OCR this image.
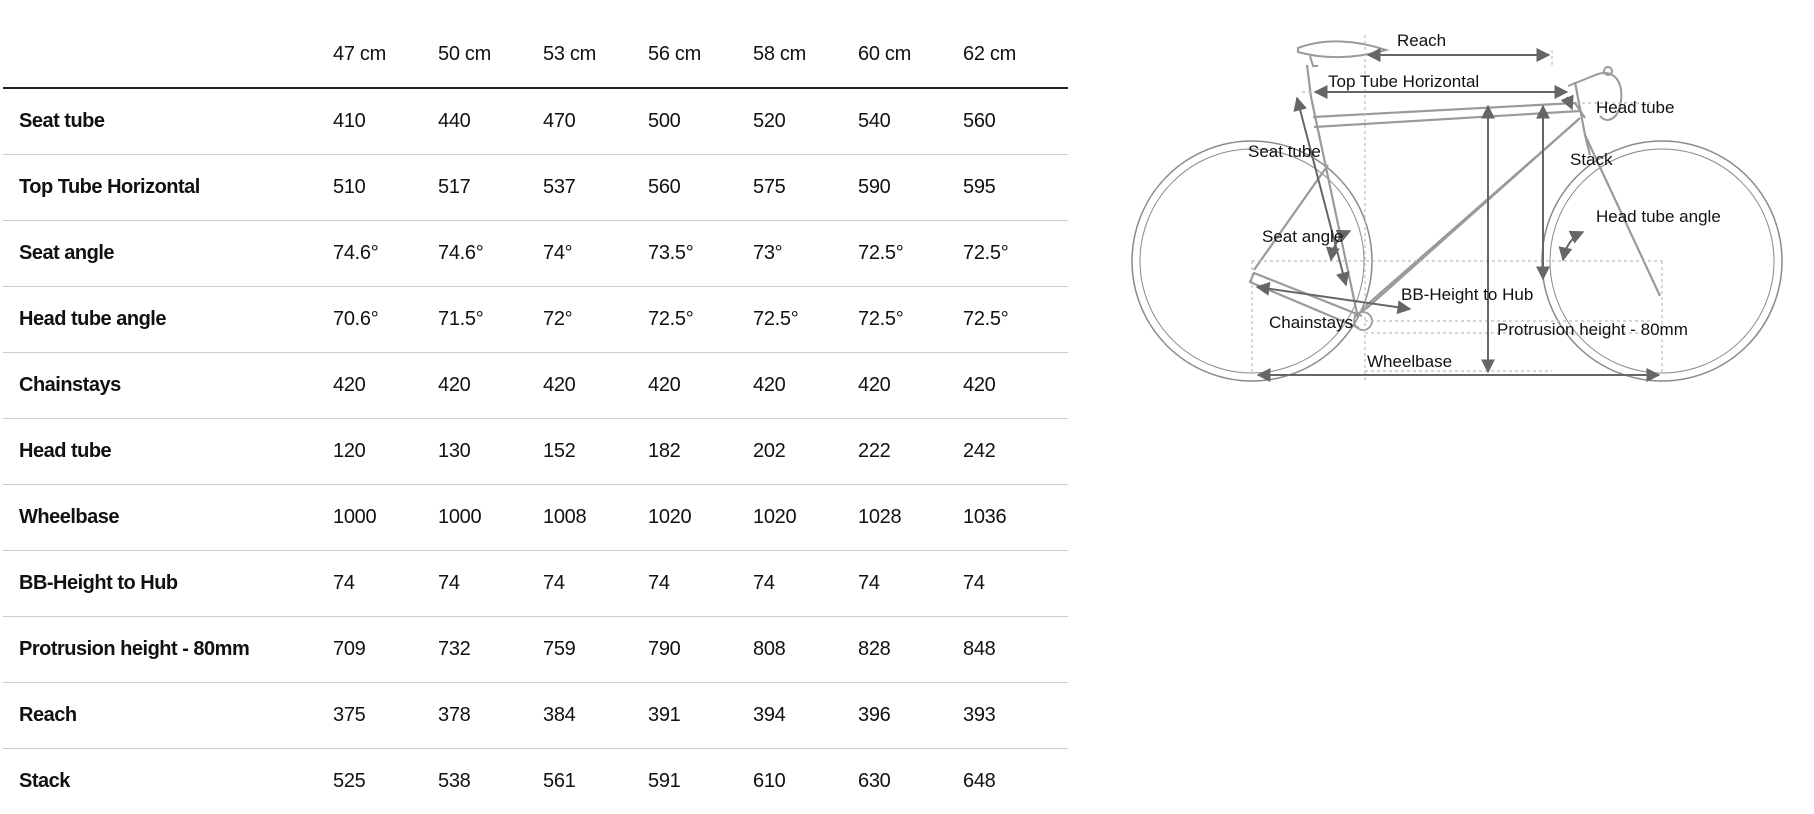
	47 cm	50 cm	53 cm	56 cm	58 cm	60 cm	62 cm
Seat tube	410	440	470	500	520	540	560
Top Tube Horizontal	510	517	537	560	575	590	595
Seat angle	74.6°	74.6°	74°	73.5°	73°	72.5°	72.5°
Head tube angle	70.6°	71.5°	72°	72.5°	72.5°	72.5°	72.5°
Chainstays	420	420	420	420	420	420	420
Head tube	120	130	152	182	202	222	242
Wheelbase	1000	1000	1008	1020	1020	1028	1036
BB-Height to Hub	74	74	74	74	74	74	74
Protrusion height - 80mm	709	732	759	790	808	828	848
Reach	375	378	384	391	394	396	393
Stack	525	538	561	591	610	630	648
Reach
Top Tube Horizontal
Head tube
Seat tube	Stack
Head tube angle
Seat angle
BB-Height to Hub
Chainstays	Protrusion height - 80mm
Wheelbase
